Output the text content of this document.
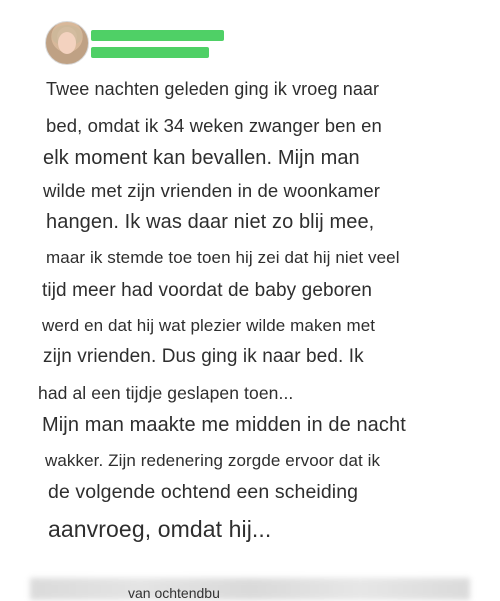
Twee nachten geleden ging ik vroeg naar
bed, omdat ik 34 weken zwanger ben en
elk moment kan bevallen. Mijn man
wilde met zijn vrienden in de woonkamer
hangen. Ik was daar niet zo blij mee,
maar ik stemde toe toen hij zei dat hij niet veel
tijd meer had voordat de baby geboren
werd en dat hij wat plezier wilde maken met
zijn vrienden. Dus ging ik naar bed. Ik
had al een tijdje geslapen toen...
Mijn man maakte me midden in de nacht
wakker. Zijn redenering zorgde ervoor dat ik
de volgende ochtend een scheiding
aanvroeg, omdat hij...
van ochtendbu
